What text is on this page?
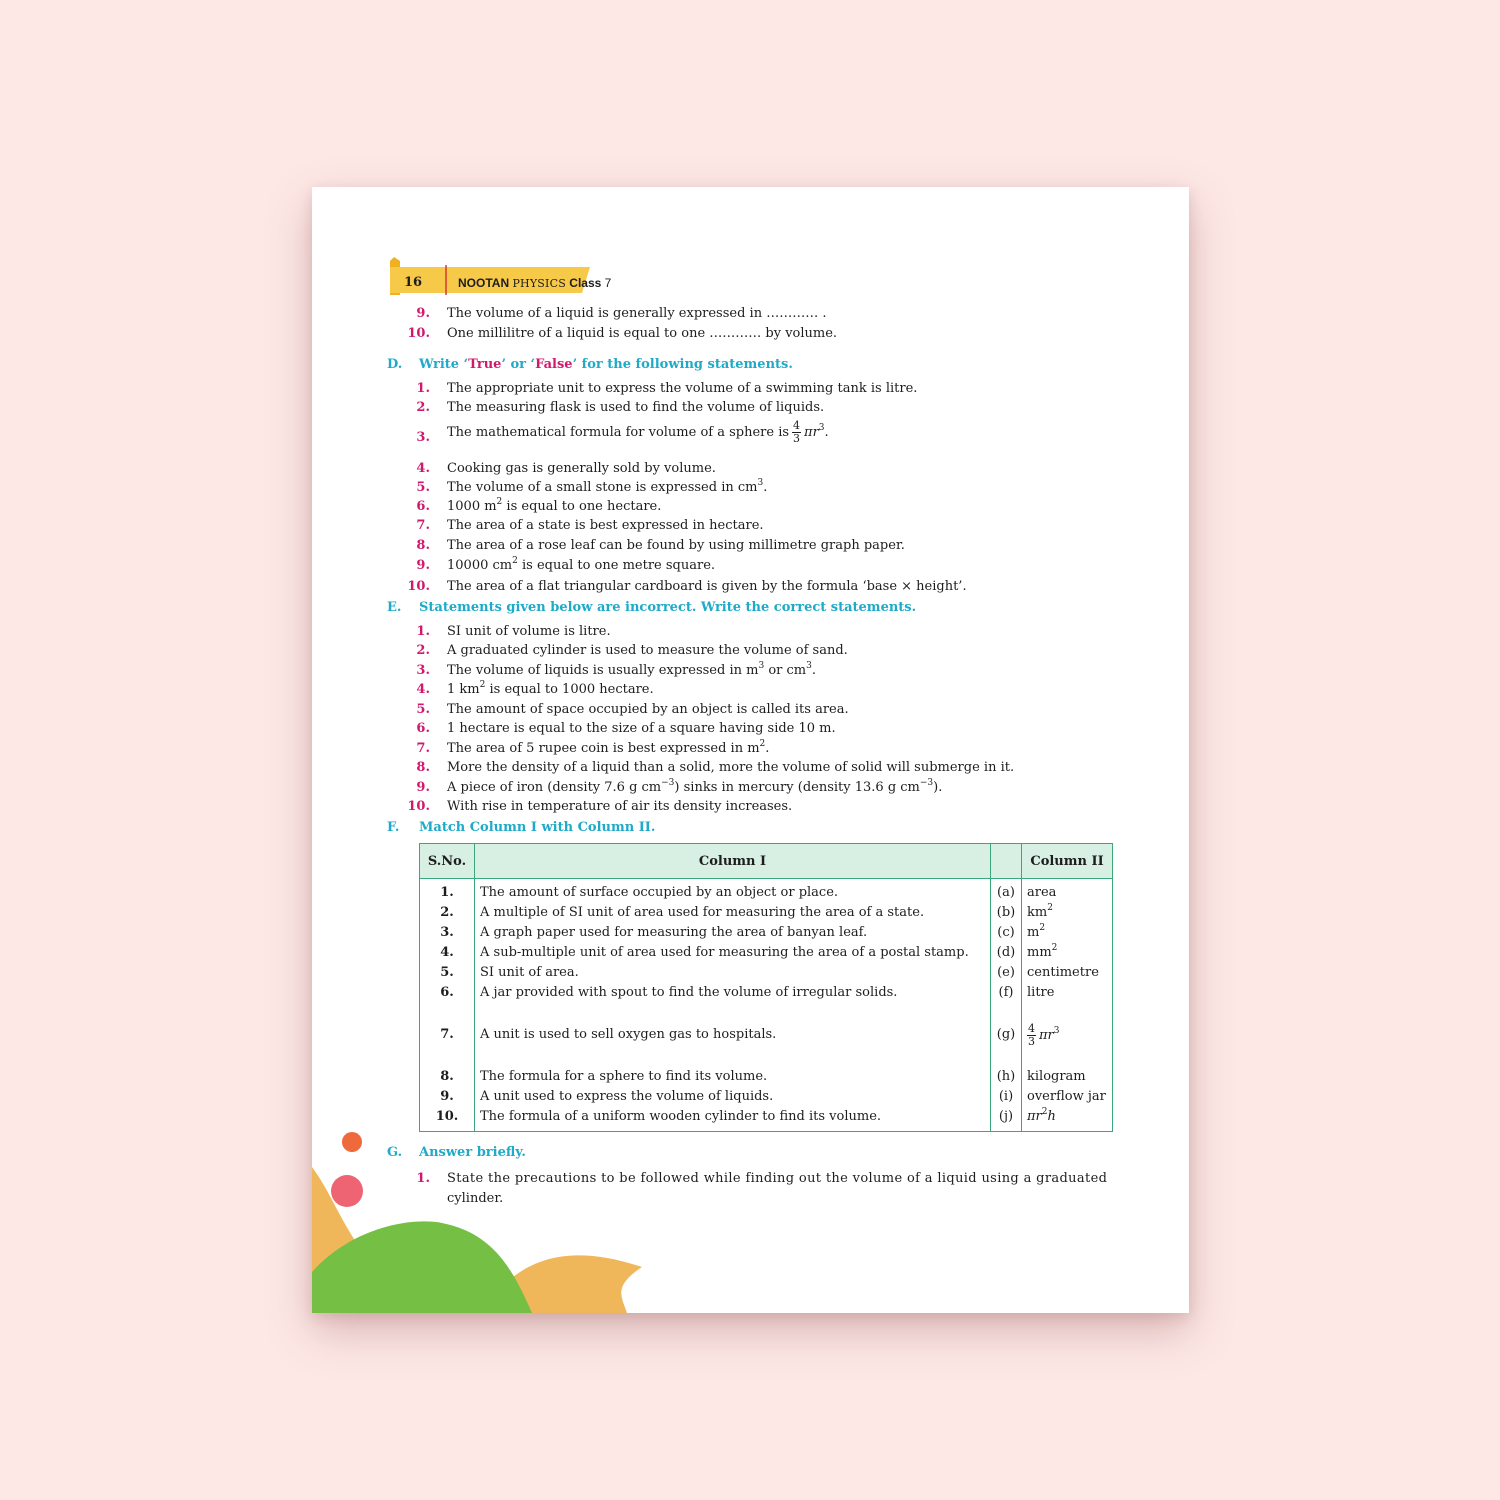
16	NOOTAN PHYSICS Class 7
9. The volume of a liquid is generally expressed in ………… .
10. One millilitre of a liquid is equal to one ………… by volume.
D. Write ‘True’ or ‘False’ for the following statements.
1. The appropriate unit to express the volume of a swimming tank is litre.
2. The measuring flask is used to find the volume of liquids.
3. The mathematical formula for volume of a sphere is $\frac{4}{3} \pi r^3$.
4. Cooking gas is generally sold by volume.
5. The volume of a small stone is expressed in $cm^3$.
6. 1000 $m^2$ is equal to one hectare.
7. The area of a state is best expressed in hectare.
8. The area of a rose leaf can be found by using millimetre graph paper.
9. 10000 $cm^2$ is equal to one metre square.
10. The area of a flat triangular cardboard is given by the formula ‘base × height’.
E. Statements given below are incorrect. Write the correct statements.
1. SI unit of volume is litre.
2. A graduated cylinder is used to measure the volume of sand.
3. The volume of liquids is usually expressed in $m^3$ or $cm^3$.
4. 1 $km^2$ is equal to 1000 hectare.
5. The amount of space occupied by an object is called its area.
6. 1 hectare is equal to the size of a square having side 10 m.
7. The area of 5 rupee coin is best expressed in $m^2$.
8. More the density of a liquid than a solid, more the volume of solid will submerge in it.
9. A piece of iron (density 7.6 g $cm^{-3}$) sinks in mercury (density 13.6 g $cm^{-3}$).
10. With rise in temperature of air its density increases.
F. Match Column I with Column II.
S.No.	Column I		Column II
1.	The amount of surface occupied by an object or place.	(a)	area
2.	A multiple of SI unit of area used for measuring the area of a state.	(b)	$km^2$
3.	A graph paper used for measuring the area of banyan leaf.	(c)	$m^2$
4.	A sub-multiple unit of area used for measuring the area of a postal stamp.	(d)	$mm^2$
5.	SI unit of area.	(e)	centimetre
6.	A jar provided with spout to find the volume of irregular solids.	(f)	litre
7.	A unit is used to sell oxygen gas to hospitals.	(g)	$\frac{4}{3} \pi r^3$
8.	The formula for a sphere to find its volume.	(h)	kilogram
9.	A unit used to express the volume of liquids.	(i)	overflow jar
10.	The formula of a uniform wooden cylinder to find its volume.	(j)	$\pi r^2h$
G. Answer briefly.
1. State the precautions to be followed while finding out the volume of a liquid using a graduated
cylinder.
